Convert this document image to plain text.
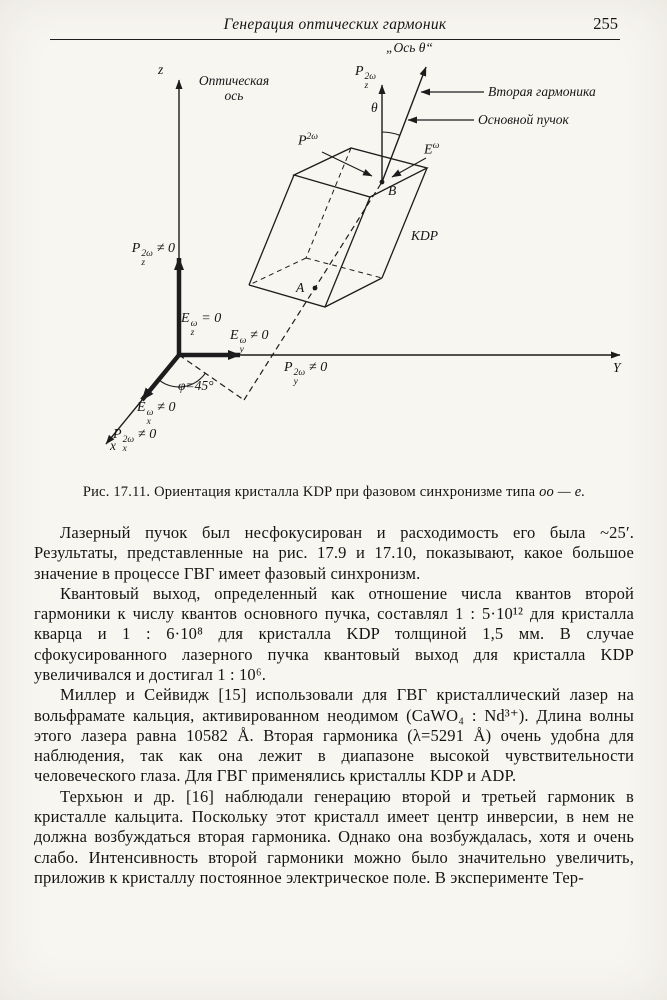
Генерация оптических гармоник	255
z
Оптическая
ось
„Ось θ“
P 2ω
z
θ
Вторая гармоника
Основной пучок
$P^{2\omega}$
$E^\omega$
B
KDP
A
P 2ω
z
≠ 0
E ω
z
= 0
E ω
y
≠ 0
P 2ω
y
≠ 0	Y
φ=45°
E ω
x
≠ 0
P 2ω
x
≠ 0
x
Рис. 17.11. Ориентация кристалла KDP при фазовом синхронизме типа oo — e.

Лазерный пучок был несфокусирован и расходимость его была ~25′. Результаты, представленные на рис. 17.9 и 17.10, показывают, какое большое значение в процессе ГВГ имеет фазовый синхронизм.

Квантовый выход, определенный как отношение числа квантов второй гармоники к числу квантов основного пучка, составлял 1 : 5·10¹² для кристалла кварца и 1 : 6·10⁸ для кристалла KDP толщиной 1,5 мм. В случае сфокусированного лазерного пучка квантовый выход для кристалла KDP увеличивался и достигал 1 : 10⁶.

Миллер и Сейвидж [15] использовали для ГВГ кристаллический лазер на вольфрамате кальция, активированном неодимом (CaWO₄ : Nd³⁺). Длина волны этого лазера равна 10582 Å. Вторая гармоника (λ=5291 Å) очень удобна для наблюдения, так как она лежит в диапазоне высокой чувствительности человеческого глаза. Для ГВГ применялись кристаллы KDP и ADP.

Терхьюн и др. [16] наблюдали генерацию второй и третьей гармоник в кристалле кальцита. Поскольку этот кристалл имеет центр инверсии, в нем не должна возбуждаться вторая гармоника. Однако она возбуждалась, хотя и очень слабо. Интенсивность второй гармоники можно было значительно увеличить, приложив к кристаллу постоянное электрическое поле. В эксперименте Тер-
